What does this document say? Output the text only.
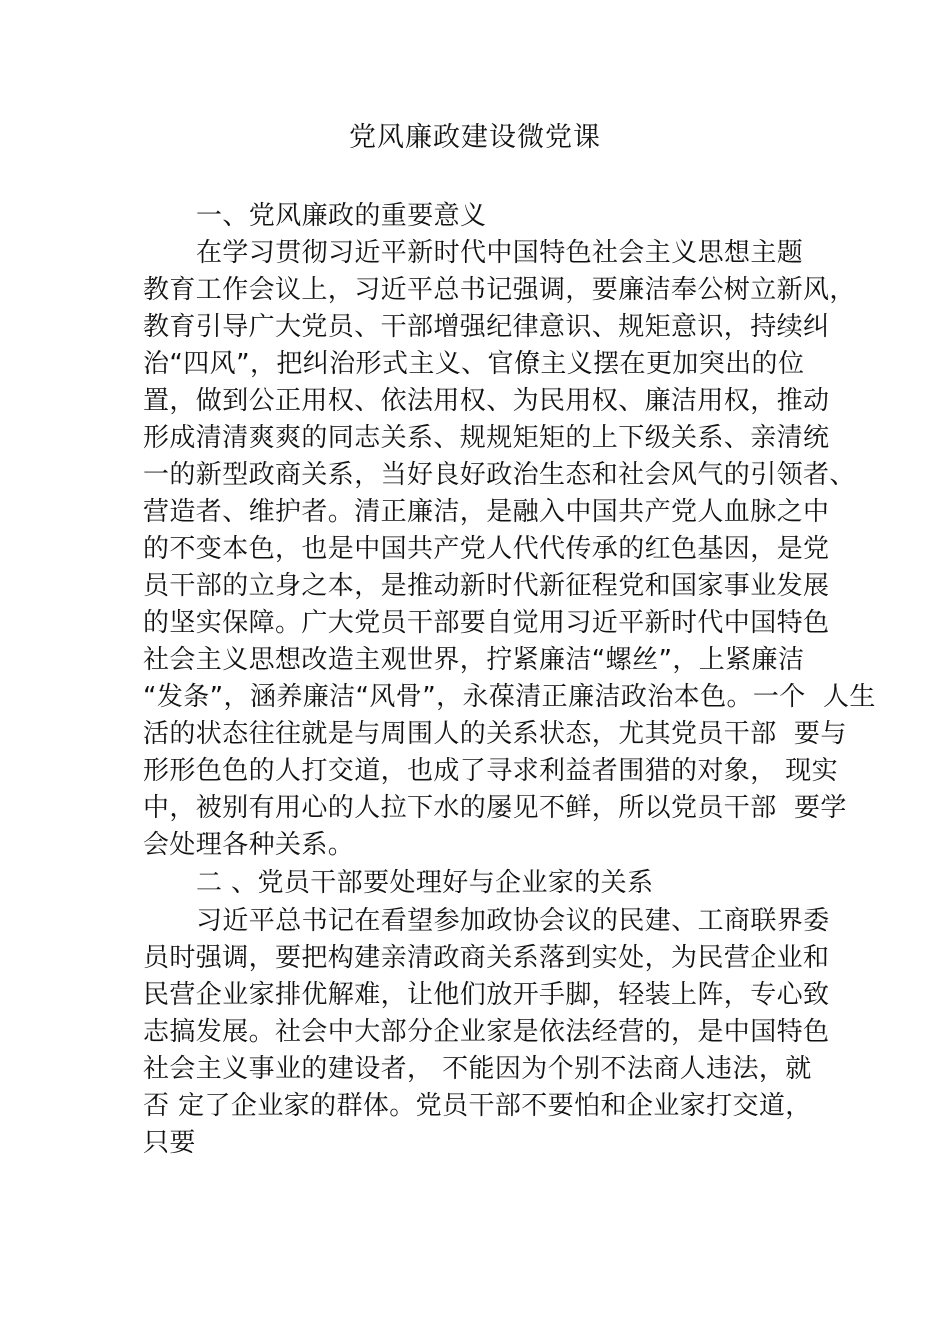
党风廉政建设微党课
一、党风廉政的重要意义
在学习贯彻习近平新时代中国特色社会主义思想主题
教育工作会议上，习近平总书记强调，要廉洁奉公树立新风，
教育引导广大党员、干部增强纪律意识、规矩意识，持续纠
治“四风”，把纠治形式主义、官僚主义摆在更加突出的位
置，做到公正用权、依法用权、为民用权、廉洁用权，推动
形成清清爽爽的同志关系、规规矩矩的上下级关系、亲清统
一的新型政商关系，当好良好政治生态和社会风气的引领者、
营造者、维护者。清正廉洁，是融入中国共产党人血脉之中
的不变本色，也是中国共产党人代代传承的红色基因，是党
员干部的立身之本，是推动新时代新征程党和国家事业发展
的坚实保障。广大党员干部要自觉用习近平新时代中国特色
社会主义思想改造主观世界，拧紧廉洁“螺丝”，上紧廉洁
“发条”，涵养廉洁“风骨”，永葆清正廉洁政治本色。一个  人生
活的状态往往就是与周围人的关系状态，尤其党员干部  要与
形形色色的人打交道，也成了寻求利益者围猎的对象， 现实
中，被别有用心的人拉下水的屡见不鲜，所以党员干部  要学
会处理各种关系。
二 、党员干部要处理好与企业家的关系
习近平总书记在看望参加政协会议的民建、工商联界委
员时强调，要把构建亲清政商关系落到实处，为民营企业和
民营企业家排优解难，让他们放开手脚，轻装上阵，专心致
志搞发展。社会中大部分企业家是依法经营的，是中国特色
社会主义事业的建设者， 不能因为个别不法商人违法，就
否 定了企业家的群体。党员干部不要怕和企业家打交道，
只要
